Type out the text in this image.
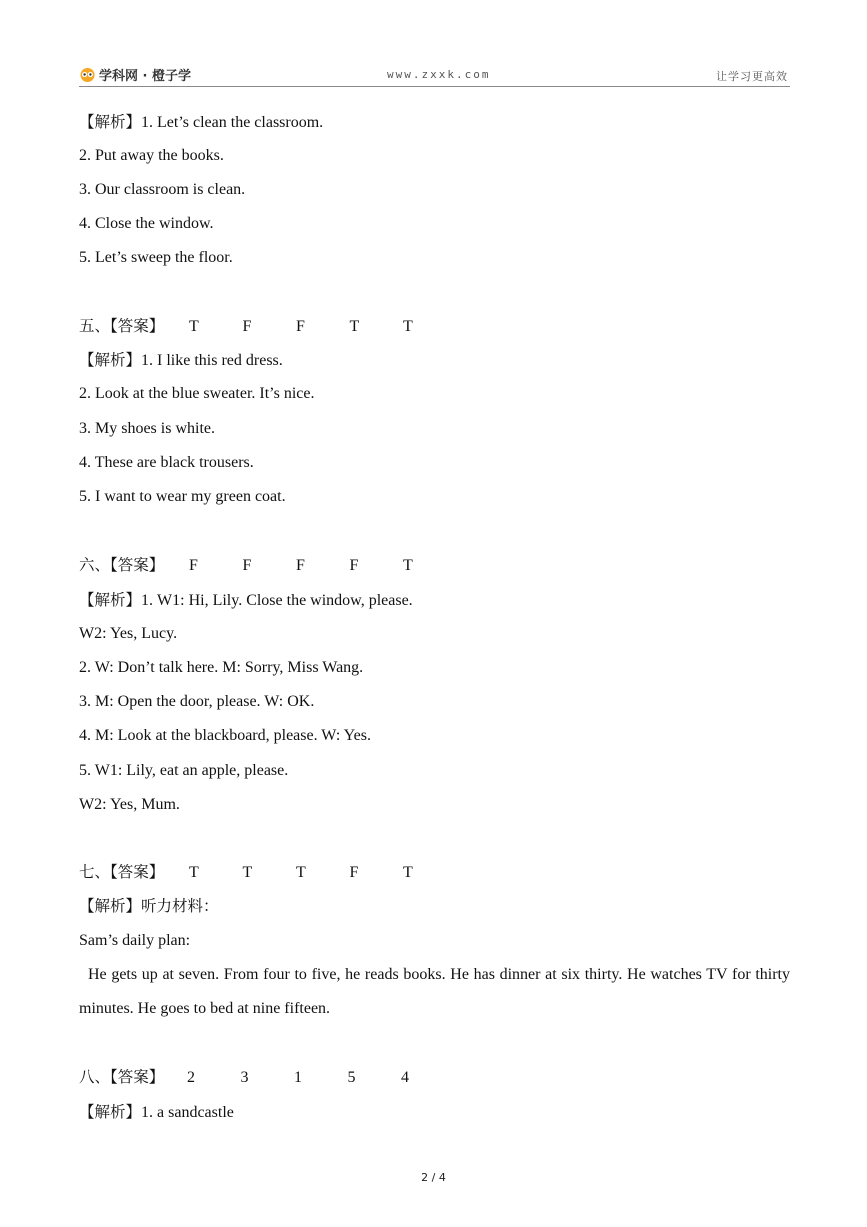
学科网 · 橙子学	www.zxxk.com	让学习更高效
【解析】1. Let’s clean the classroom.
2. Put away the books.
3. Our classroom is clean.
4. Close the window.
5. Let’s sweep the floor.
五、【答案】 T	F	F	T	T
【解析】1. I like this red dress.
2. Look at the blue sweater. It’s nice.
3. My shoes is white.
4. These are black trousers.
5. I want to wear my green coat.
六、【答案】 F	F	F	F	T
【解析】1. W1: Hi, Lily. Close the window, please.
W2: Yes, Lucy.
2. W: Don’t talk here. M: Sorry, Miss Wang.
3. M: Open the door, please. W: OK.
4. M: Look at the blackboard, please. W: Yes.
5. W1: Lily, eat an apple, please.
W2: Yes, Mum.
七、【答案】 T	T	T	F	T
【解析】听力材料：
Sam’s daily plan:
He gets up at seven. From four to five, he reads books. He has dinner at six thirty. He watches TV for thirty minutes. He goes to bed at nine fifteen.
八、【答案】 2	3	1	5	4
【解析】1. a sandcastle
2 / 4
